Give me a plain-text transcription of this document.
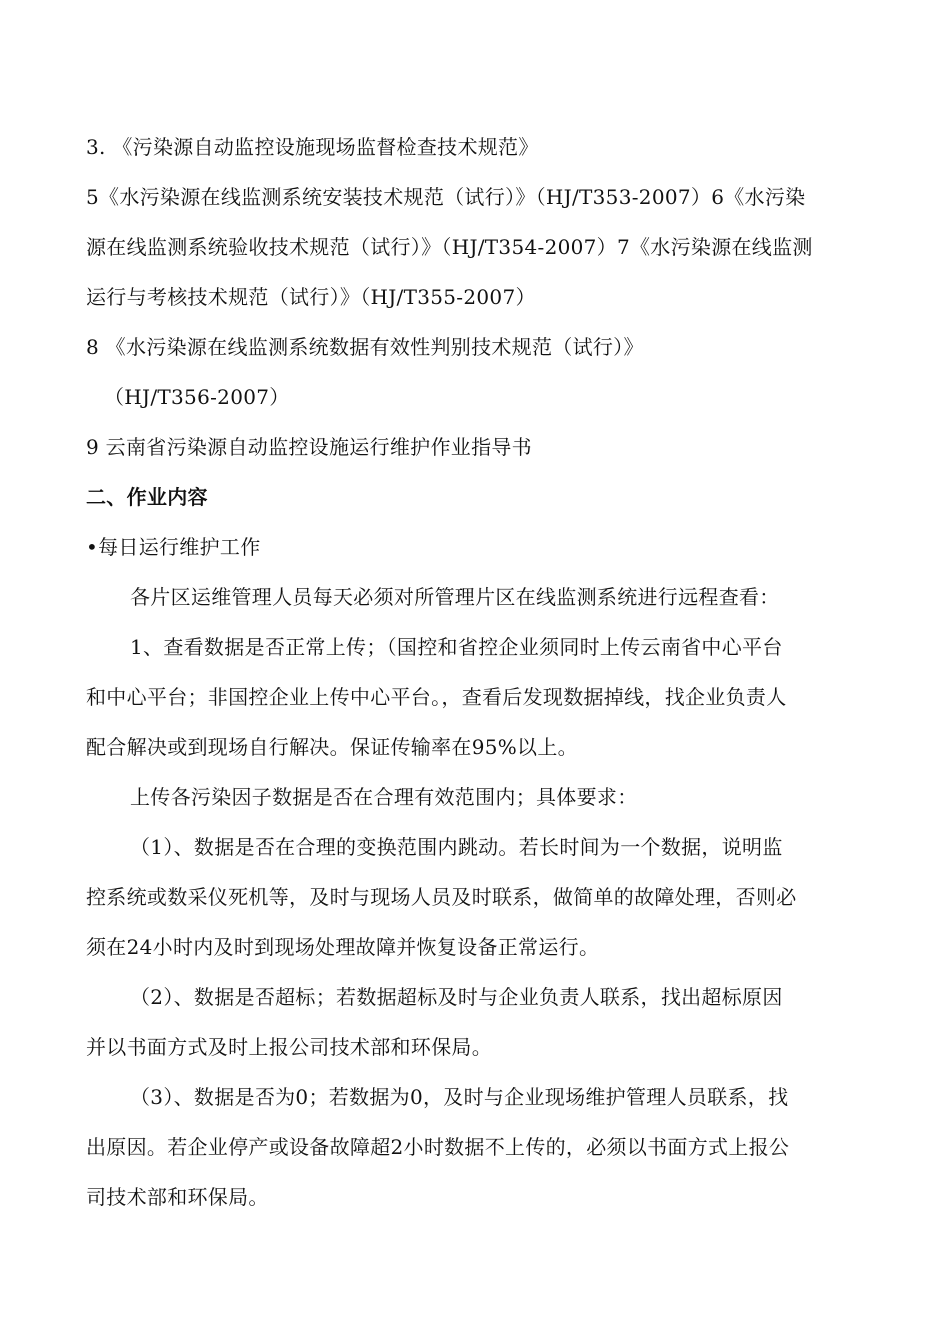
3. 《污染源自动监控设施现场监督检查技术规范》
5《水污染源在线监测系统安装技术规范（试行）》（HJ/T353-2007）6《水污染
源在线监测系统验收技术规范（试行）》（HJ/T354-2007）7《水污染源在线监测
运行与考核技术规范（试行）》（HJ/T355-2007）
8 《水污染源在线监测系统数据有效性判别技术规范（试行）》
（HJ/T356-2007）
9 云南省污染源自动监控设施运行维护作业指导书
二、作业内容
•每日运行维护工作
各片区运维管理人员每天必须对所管理片区在线监测系统进行远程查看：
1、查看数据是否正常上传；（国控和省控企业须同时上传云南省中心平台
和中心平台；非国控企业上传中心平台。，查看后发现数据掉线，找企业负责人
配合解决或到现场自行解决。保证传输率在95%以上。
上传各污染因子数据是否在合理有效范围内；具体要求：
（1）、数据是否在合理的变换范围内跳动。若长时间为一个数据，说明监
控系统或数采仪死机等，及时与现场人员及时联系，做简单的故障处理，否则必
须在24小时内及时到现场处理故障并恢复设备正常运行。
（2）、数据是否超标；若数据超标及时与企业负责人联系，找出超标原因
并以书面方式及时上报公司技术部和环保局。
（3）、数据是否为0；若数据为0，及时与企业现场维护管理人员联系，找
出原因。若企业停产或设备故障超2小时数据不上传的，必须以书面方式上报公
司技术部和环保局。
